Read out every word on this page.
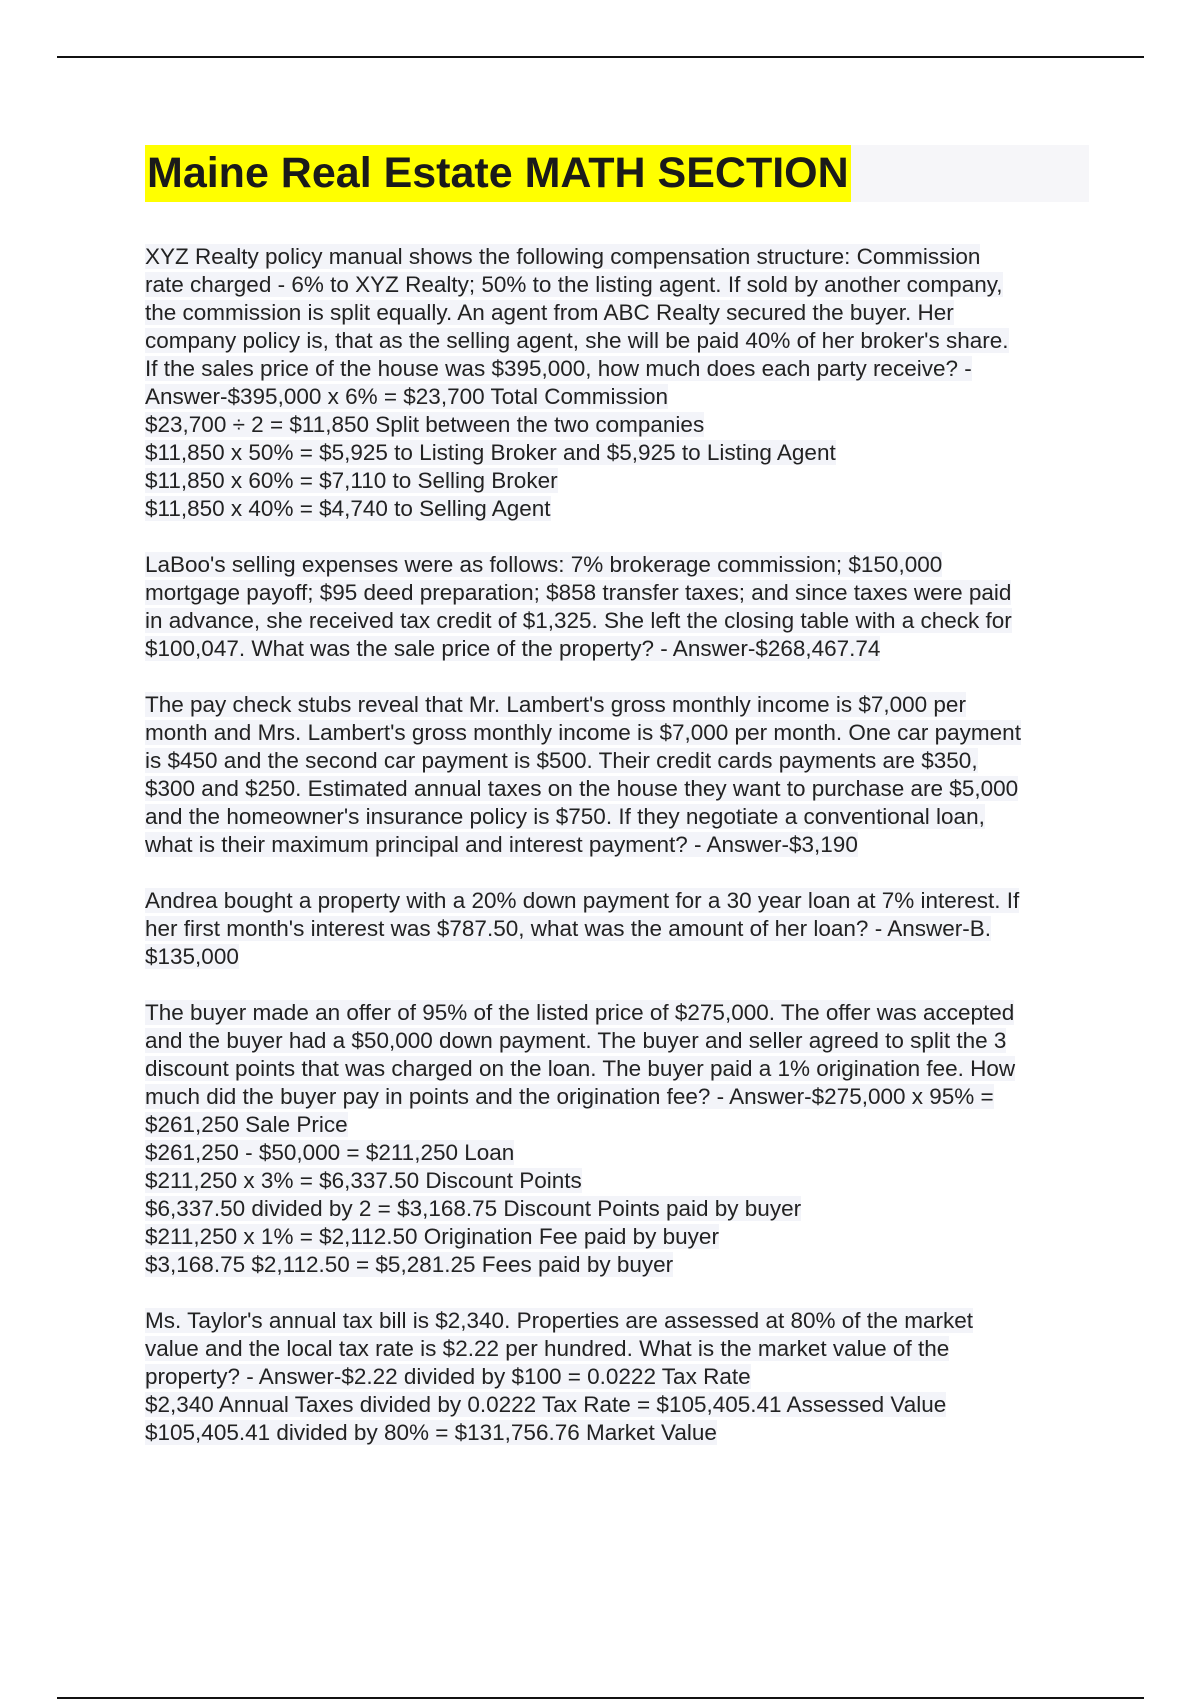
Maine Real Estate MATH SECTION
XYZ Realty policy manual shows the following compensation structure: Commission
rate charged - 6% to XYZ Realty; 50% to the listing agent. If sold by another company,
the commission is split equally. An agent from ABC Realty secured the buyer. Her
company policy is, that as the selling agent, she will be paid 40% of her broker's share.
If the sales price of the house was $395,000, how much does each party receive? -
Answer-$395,000 x 6% = $23,700 Total Commission
$23,700 ÷ 2 = $11,850 Split between the two companies
$11,850 x 50% = $5,925 to Listing Broker and $5,925 to Listing Agent
$11,850 x 60% = $7,110 to Selling Broker
$11,850 x 40% = $4,740 to Selling Agent
LaBoo's selling expenses were as follows: 7% brokerage commission; $150,000
mortgage payoff; $95 deed preparation; $858 transfer taxes; and since taxes were paid
in advance, she received tax credit of $1,325. She left the closing table with a check for
$100,047. What was the sale price of the property? - Answer-$268,467.74
The pay check stubs reveal that Mr. Lambert's gross monthly income is $7,000 per
month and Mrs. Lambert's gross monthly income is $7,000 per month. One car payment
is $450 and the second car payment is $500. Their credit cards payments are $350,
$300 and $250. Estimated annual taxes on the house they want to purchase are $5,000
and the homeowner's insurance policy is $750. If they negotiate a conventional loan,
what is their maximum principal and interest payment? - Answer-$3,190
Andrea bought a property with a 20% down payment for a 30 year loan at 7% interest. If
her first month's interest was $787.50, what was the amount of her loan? - Answer-B.
$135,000
The buyer made an offer of 95% of the listed price of $275,000. The offer was accepted
and the buyer had a $50,000 down payment. The buyer and seller agreed to split the 3
discount points that was charged on the loan. The buyer paid a 1% origination fee. How
much did the buyer pay in points and the origination fee? - Answer-$275,000 x 95% =
$261,250 Sale Price
$261,250 - $50,000 = $211,250 Loan
$211,250 x 3% = $6,337.50 Discount Points
$6,337.50 divided by 2 = $3,168.75 Discount Points paid by buyer
$211,250 x 1% = $2,112.50 Origination Fee paid by buyer
$3,168.75 $2,112.50 = $5,281.25 Fees paid by buyer
Ms. Taylor's annual tax bill is $2,340. Properties are assessed at 80% of the market
value and the local tax rate is $2.22 per hundred. What is the market value of the
property? - Answer-$2.22 divided by $100 = 0.0222 Tax Rate
$2,340 Annual Taxes divided by 0.0222 Tax Rate = $105,405.41 Assessed Value
$105,405.41 divided by 80% = $131,756.76 Market Value
